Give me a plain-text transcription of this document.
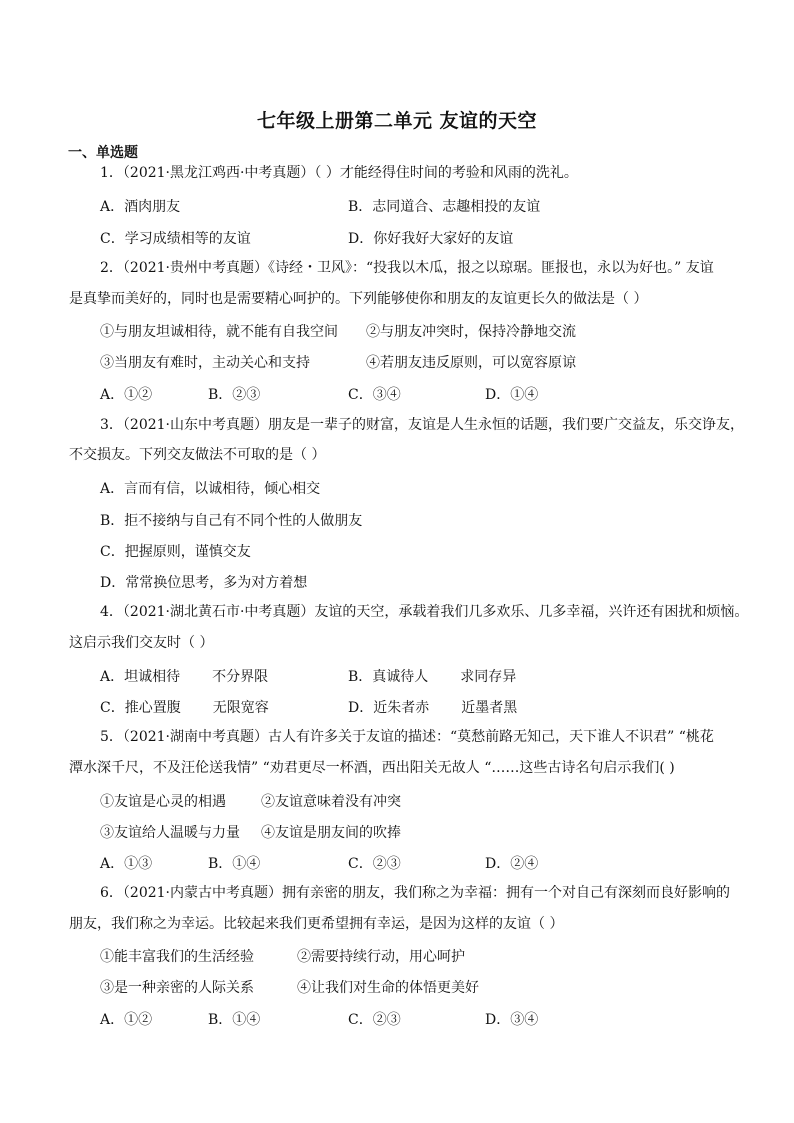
七年级上册第二单元 友谊的天空
一、单选题
1．（2021·黑龙江鸡西·中考真题）（ ）才能经得住时间的考验和风雨的洗礼。
A．酒肉朋友	B．志同道合、志趣相投的友谊
C．学习成绩相等的友谊	D．你好我好大家好的友谊
2．（2021·贵州中考真题）《诗经・卫风》：“投我以木瓜，报之以琼琚。匪报也，永以为好也。” 友谊
是真挚而美好的，同时也是需要精心呵护的。下列能够使你和朋友的友谊更长久的做法是（ ）
①与朋友坦诚相待，就不能有自我空间 ②与朋友冲突时，保持冷静地交流
③当朋友有难时，主动关心和支持	④若朋友违反原则，可以宽容原谅
A．①②	B．②③	C．③④	D．①④
3．（2021·山东中考真题）朋友是一辈子的财富，友谊是人生永恒的话题，我们要广交益友，乐交诤友，
不交损友。下列交友做法不可取的是（ ）
A．言而有信，以诚相待，倾心相交
B．拒不接纳与自己有不同个性的人做朋友
C．把握原则，谨慎交友
D．常常换位思考，多为对方着想
4．（2021·湖北黄石市·中考真题）友谊的天空，承载着我们几多欢乐、几多幸福，兴许还有困扰和烦恼。
这启示我们交友时（ ）
A．坦诚相待 不分界限	B．真诚待人 求同存异
C．推心置腹 无限宽容	D．近朱者赤 近墨者黑
5．（2021·湖南中考真题）古人有许多关于友谊的描述：“莫愁前路无知己，天下谁人不识君” “桃花
潭水深千尺，不及汪伦送我情” “劝君更尽一杯酒，西出阳关无故人 “……这些古诗名句启示我们( )
①友谊是心灵的相遇	②友谊意味着没有冲突
③友谊给人温暖与力量 ④友谊是朋友间的吹捧
A．①③	B．①④	C．②③	D．②④
6．（2021·内蒙古中考真题）拥有亲密的朋友，我们称之为幸福：拥有一个对自己有深刻而良好影响的
朋友，我们称之为幸运。比较起来我们更希望拥有幸运，是因为这样的友谊（ ）
①能丰富我们的生活经验	②需要持续行动，用心呵护
③是一种亲密的人际关系	④让我们对生命的体悟更美好
A．①②	B．①④	C．②③	D．③④
